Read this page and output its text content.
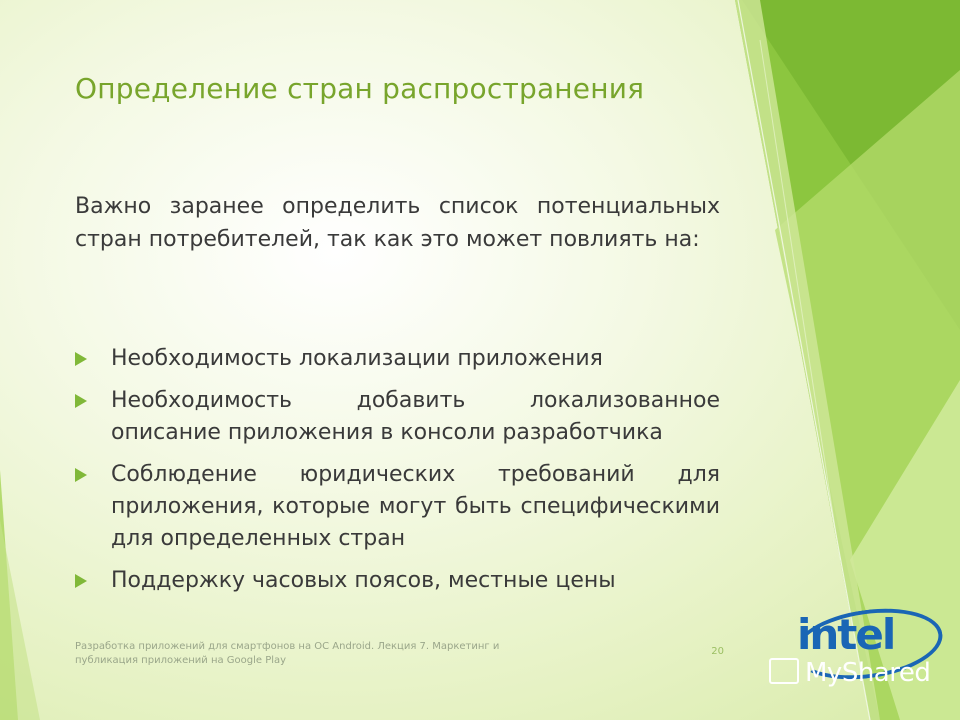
Определение стран распространения

Важно заранее определить список потенциальных стран потребителей, так как это может повлиять на:

Необходимость локализации приложения
Необходимость добавить локализованное описание приложения в консоли разработчика
Соблюдение юридических требований для приложения, которые могут быть специфическими для определенных стран
Поддержку часовых поясов, местные цены

Разработка приложений для смартфонов на ОС Android. Лекция 7. Маркетинг и публикация приложений на Google Play

20 intel
MyShared
